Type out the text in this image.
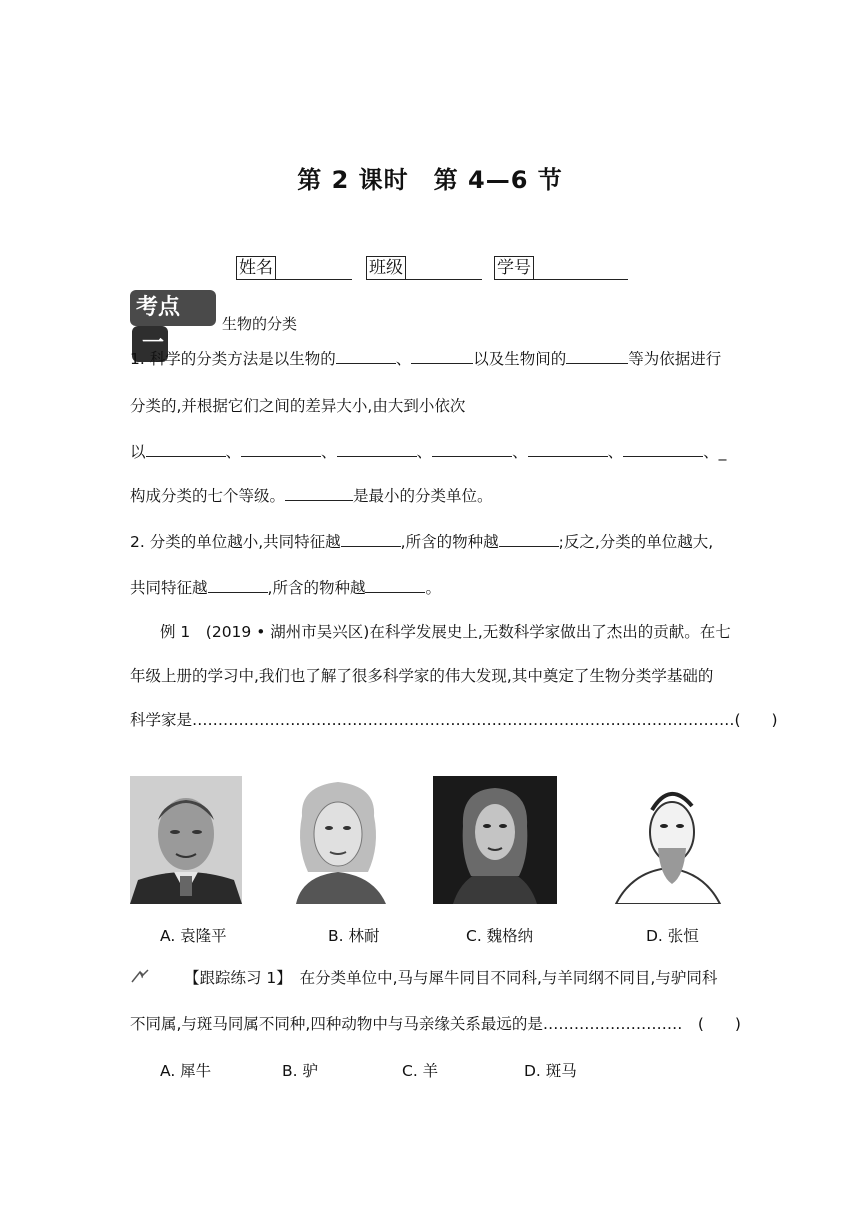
第 2 课时　第 4—6 节
姓名	班级	学号
考点一
生物的分类
1. 科学的分类方法是以生物的	、	以及生物间的	等为依据进行
分类的,并根据它们之间的差异大小,由大到小依次
以	、	、	、	、	、	、_
构成分类的七个等级。	是最小的分类单位。
2. 分类的单位越小,共同特征越	,所含的物种越	;反之,分类的单位越大,
共同特征越	,所含的物种越	。
例 1　(2019 • 湖州市吴兴区)在科学发展史上,无数科学家做出了杰出的贡献。在七
年级上册的学习中,我们也了解了很多科学家的伟大发现,其中奠定了生物分类学基础的
科学家是……………………………………………………………………………………………(　　)
A. 袁隆平	B. 林耐	C. 魏格纳	D. 张恒
【跟踪练习 1】　 在分类单位中,马与犀牛同目不同科,与羊同纲不同目,与驴同科
不同属,与斑马同属不同种,四种动物中与马亲缘关系最远的是………………………　(　　)
A. 犀牛	B. 驴	C. 羊	D. 斑马
